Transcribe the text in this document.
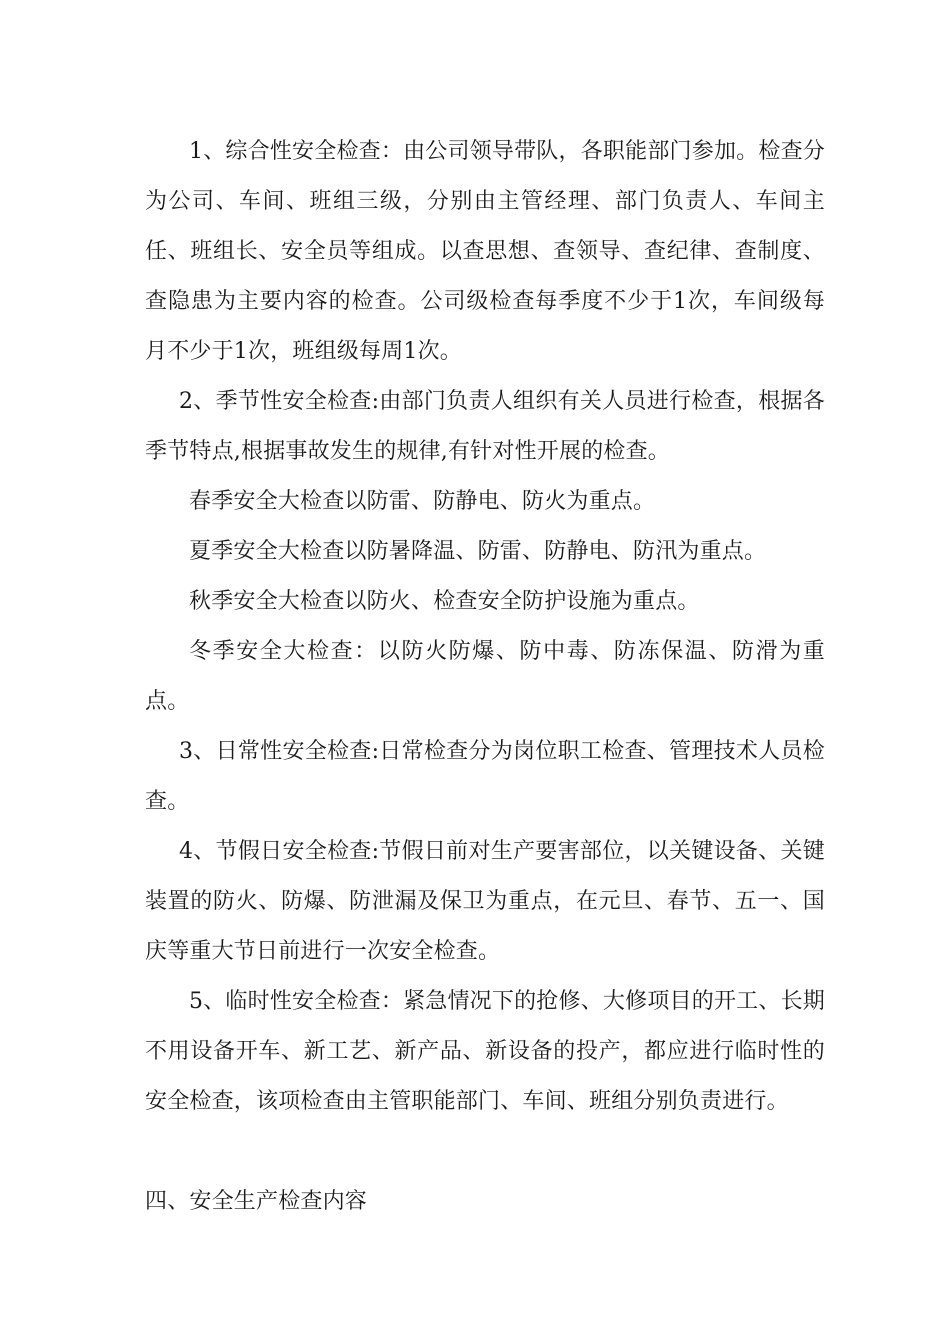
1、综合性安全检查：由公司领导带队，各职能部门参加。检查分为公司、车间、班组三级，分别由主管经理、部门负责人、车间主任、班组长、安全员等组成。以查思想、查领导、查纪律、查制度、查隐患为主要内容的检查。公司级检查每季度不少于1次，车间级每月不少于1次，班组级每周1次。

2、季节性安全检查:由部门负责人组织有关人员进行检查，根据各季节特点,根据事故发生的规律,有针对性开展的检查。

春季安全大检查以防雷、防静电、防火为重点。

夏季安全大检查以防暑降温、防雷、防静电、防汛为重点。

秋季安全大检查以防火、检查安全防护设施为重点。

冬季安全大检查：以防火防爆、防中毒、防冻保温、防滑为重点。

3、日常性安全检查:日常检查分为岗位职工检查、管理技术人员检查。

4、节假日安全检查:节假日前对生产要害部位，以关键设备、关键装置的防火、防爆、防泄漏及保卫为重点，在元旦、春节、五一、国庆等重大节日前进行一次安全检查。

5、临时性安全检查：紧急情况下的抢修、大修项目的开工、长期不用设备开车、新工艺、新产品、新设备的投产，都应进行临时性的安全检查，该项检查由主管职能部门、车间、班组分别负责进行。

四、安全生产检查内容
